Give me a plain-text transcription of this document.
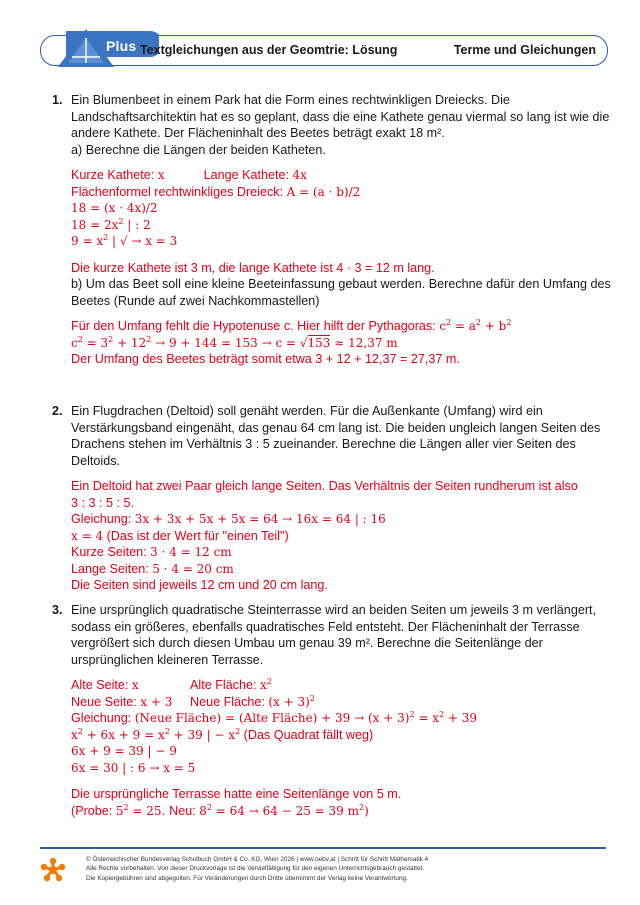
Plus Textgleichungen aus der Geomtrie: Lösung	Terme und Gleichungen
1. Ein Blumenbeet in einem Park hat die Form eines rechtwinkligen Dreiecks. Die
Landschaftsarchitektin hat es so geplant, dass die eine Kathete genau viermal so lang ist wie die
andere Kathete. Der Flächeninhalt des Beetes beträgt exakt 18 m².
a) Berechne die Längen der beiden Katheten.
Kurze Kathete: x	Lange Kathete: 4x
Flächenformel rechtwinkliges Dreieck: A = (a · b)/2
18 = (x · 4x)/2
$18 = 2x^2$ | : 2
$9 = x^2$ | √ → x = 3
Die kurze Kathete ist 3 m, die lange Kathete ist 4 · 3 = 12 m lang.
b) Um das Beet soll eine kleine Beeteinfassung gebaut werden. Berechne dafür den Umfang des
Beetes (Runde auf zwei Nachkommastellen)
Für den Umfang fehlt die Hypotenuse c. Hier hilft der Pythagoras: $c^2 = a^2 + b^2$
$c^2 = 3^2 + 12^2 \to 9 + 144 = 153 \to c = √153 \approx 12,37$ m
Der Umfang des Beetes beträgt somit etwa 3 + 12 + 12,37 = 27,37 m.
2. Ein Flugdrachen (Deltoid) soll genäht werden. Für die Außenkante (Umfang) wird ein
Verstärkungsband eingenäht, das genau 64 cm lang ist. Die beiden ungleich langen Seiten des
Drachens stehen im Verhältnis 3 : 5 zueinander. Berechne die Längen aller vier Seiten des
Deltoids.
Ein Deltoid hat zwei Paar gleich lange Seiten. Das Verhältnis der Seiten rundherum ist also
3 : 3 : 5 : 5.
Gleichung: 3x + 3x + 5x + 5x = 64 → 16x = 64 | : 16
x = 4 (Das ist der Wert für "einen Teil")
Kurze Seiten: 3 · 4 = 12 cm
Lange Seiten: 5 · 4 = 20 cm
Die Seiten sind jeweils 12 cm und 20 cm lang.
3. Eine ursprünglich quadratische Steinterrasse wird an beiden Seiten um jeweils 3 m verlängert,
sodass ein größeres, ebenfalls quadratisches Feld entsteht. Der Flächeninhalt der Terrasse
vergrößert sich durch diesen Umbau um genau 39 m². Berechne die Seitenlänge der
ursprünglichen kleineren Terrasse.
Alte Seite: x	Alte Fläche: $x^2$
Neue Seite: x + 3 Neue Fläche: $(x + 3)^2$
Gleichung: (Neue Fläche) = (Alte Fläche) + $39 \to (x + 3)^2 = x^2 + 39$
$x^2 + 6x + 9 = x^2 + 39$ | − $x^2$ (Das Quadrat fällt weg)
6x + 9 = 39 | − 9
6x = 30 | : 6 → x = 5
Die ursprüngliche Terrasse hatte eine Seitenlänge von 5 m.
(Probe: $5^2 = 25$. Neu: $8^2 = 64 \to 64 - 25 = 39$ $m^2$)
© Österreichischer Bundesverlag Schulbuch GmbH & Co. KG, Wien 2026 | www.oebv.at | Schritt für Schritt Mathematik 4
Alle Rechte vorbehalten. Von dieser Druckvorlage ist die Vervielfältigung für den eigenen Unterrichtsgebrauch gestattet.
Die Kopiergebühren sind abgegolten. Für Veränderungen durch Dritte übernimmt der Verlag keine Verantwortung.
